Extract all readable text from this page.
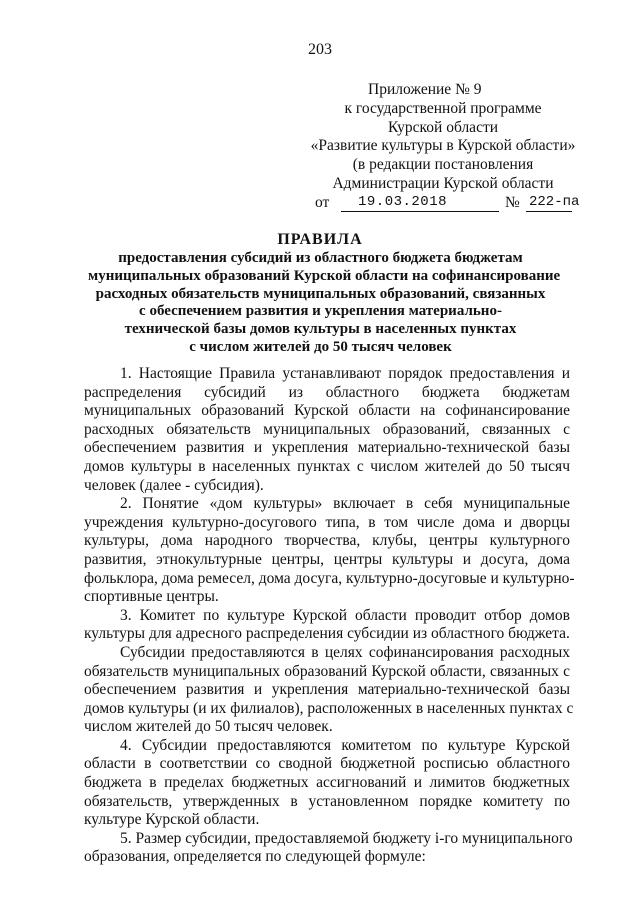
203
Приложение № 9
к государственной программе
Курской области
«Развитие культуры в Курской области»
(в редакции постановления
Администрации Курской области
от 19.03.2018	№ 222-па
ПРАВИЛА
предоставления субсидий из областного бюджета бюджетам
муниципальных образований Курской области на софинансирование
расходных обязательств муниципальных образований, связанных
с обеспечением развития и укрепления материально-
технической базы домов культуры в населенных пунктах
с числом жителей до 50 тысяч человек

1. Настоящие Правила устанавливают порядок предоставления и
распределения субсидий из областного бюджета бюджетам
муниципальных образований Курской области на софинансирование
расходных обязательств муниципальных образований, связанных с
обеспечением развития и укрепления материально-технической базы
домов культуры в населенных пунктах с числом жителей до 50 тысяч
человек (далее - субсидия).

2. Понятие «дом культуры» включает в себя муниципальные
учреждения культурно-досугового типа, в том числе дома и дворцы
культуры, дома народного творчества, клубы, центры культурного
развития, этнокультурные центры, центры культуры и досуга, дома
фольклора, дома ремесел, дома досуга, культурно-досуговые и культурно-
спортивные центры.

3. Комитет по культуре Курской области проводит отбор домов
культуры для адресного распределения субсидии из областного бюджета.

Субсидии предоставляются в целях софинансирования расходных
обязательств муниципальных образований Курской области, связанных с
обеспечением развития и укрепления материально-технической базы
домов культуры (и их филиалов), расположенных в населенных пунктах с
числом жителей до 50 тысяч человек.

4. Субсидии предоставляются комитетом по культуре Курской
области в соответствии со сводной бюджетной росписью областного
бюджета в пределах бюджетных ассигнований и лимитов бюджетных
обязательств, утвержденных в установленном порядке комитету по
культуре Курской области.

5. Размер субсидии, предоставляемой бюджету i-го муниципального
образования, определяется по следующей формуле:
